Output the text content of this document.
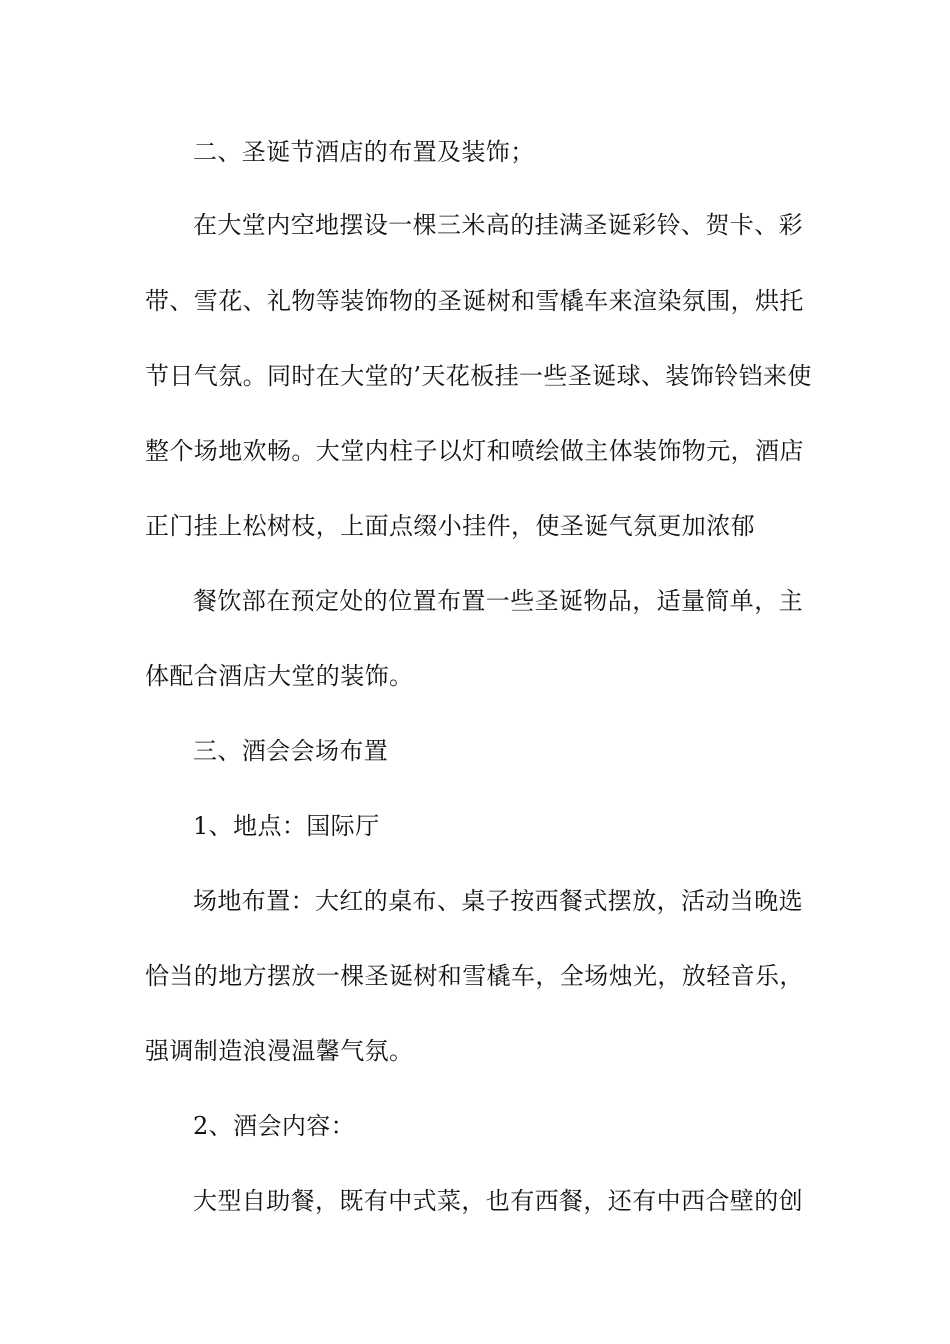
二、圣诞节酒店的布置及装饰；
在大堂内空地摆设一棵三米高的挂满圣诞彩铃、贺卡、彩
带、雪花、礼物等装饰物的圣诞树和雪橇车来渲染氛围，烘托
节日气氛。同时在大堂的’天花板挂一些圣诞球、装饰铃铛来使
整个场地欢畅。大堂内柱子以灯和喷绘做主体装饰物元，酒店
正门挂上松树枝，上面点缀小挂件，使圣诞气氛更加浓郁
餐饮部在预定处的位置布置一些圣诞物品，适量简单，主
体配合酒店大堂的装饰。
三、酒会会场布置
1、地点：国际厅
场地布置：大红的桌布、桌子按西餐式摆放，活动当晚选
恰当的地方摆放一棵圣诞树和雪橇车，全场烛光，放轻音乐，
强调制造浪漫温馨气氛。
2、酒会内容：
大型自助餐，既有中式菜，也有西餐，还有中西合壁的创
